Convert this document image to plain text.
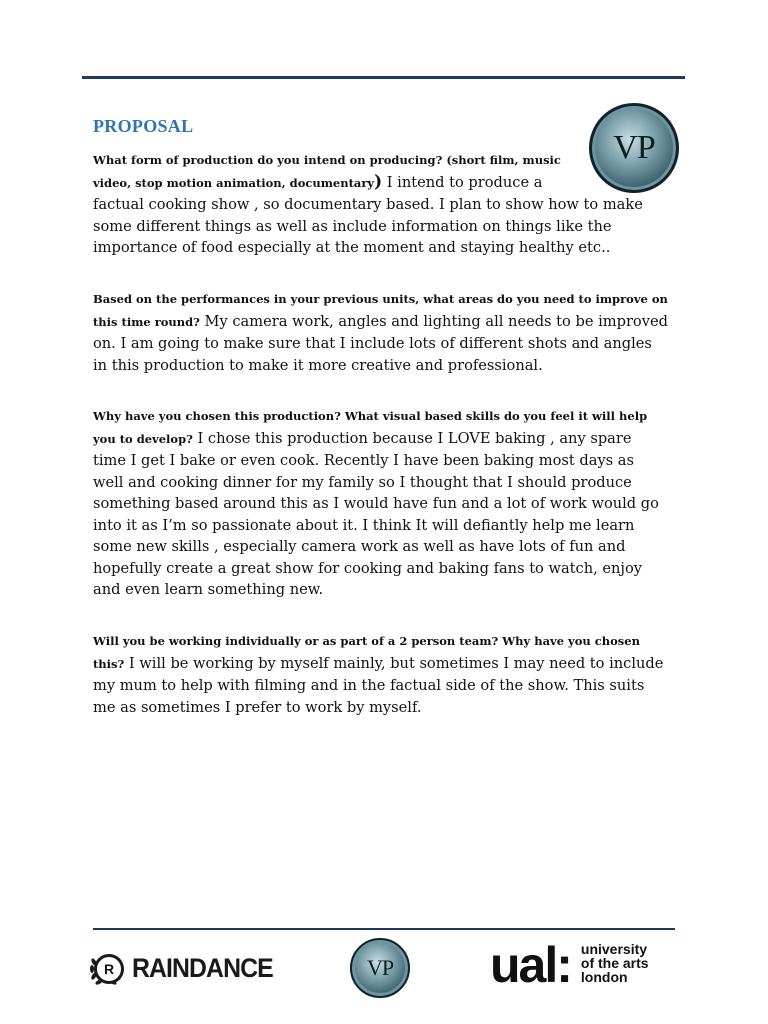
PROPOSAL
VP
What form of production do you intend on producing? (short film, music
video, stop motion animation, documentary) I intend to produce a
factual cooking show , so documentary based. I plan to show how to make some different things as well as include information on things like the importance of food especially at the moment and staying healthy etc..

Based on the performances in your previous units, what areas do you need to improve on this time round? My camera work, angles and lighting all needs to be improved on. I am going to make sure that I include lots of different shots and angles in this production to make it more creative and professional.

Why have you chosen this production? What visual based skills do you feel it will help you to develop? I chose this production because I LOVE baking , any spare time I get I bake or even cook. Recently I have been baking most days as well and cooking dinner for my family so I thought that I should produce something based around this as I would have fun and a lot of work would go into it as I’m so passionate about it. I think It will defiantly help me learn some new skills , especially camera work as well as have lots of fun and hopefully create a great show for cooking and baking fans to watch, enjoy and even learn something new.

Will you be working individually or as part of a 2 person team? Why have you chosen this? I will be working by myself mainly, but sometimes I may need to include my mum to help with filming and in the factual side of the show. This suits me as sometimes I prefer to work by myself.

R RAINDANCE	VP ual: university
of the arts
london
